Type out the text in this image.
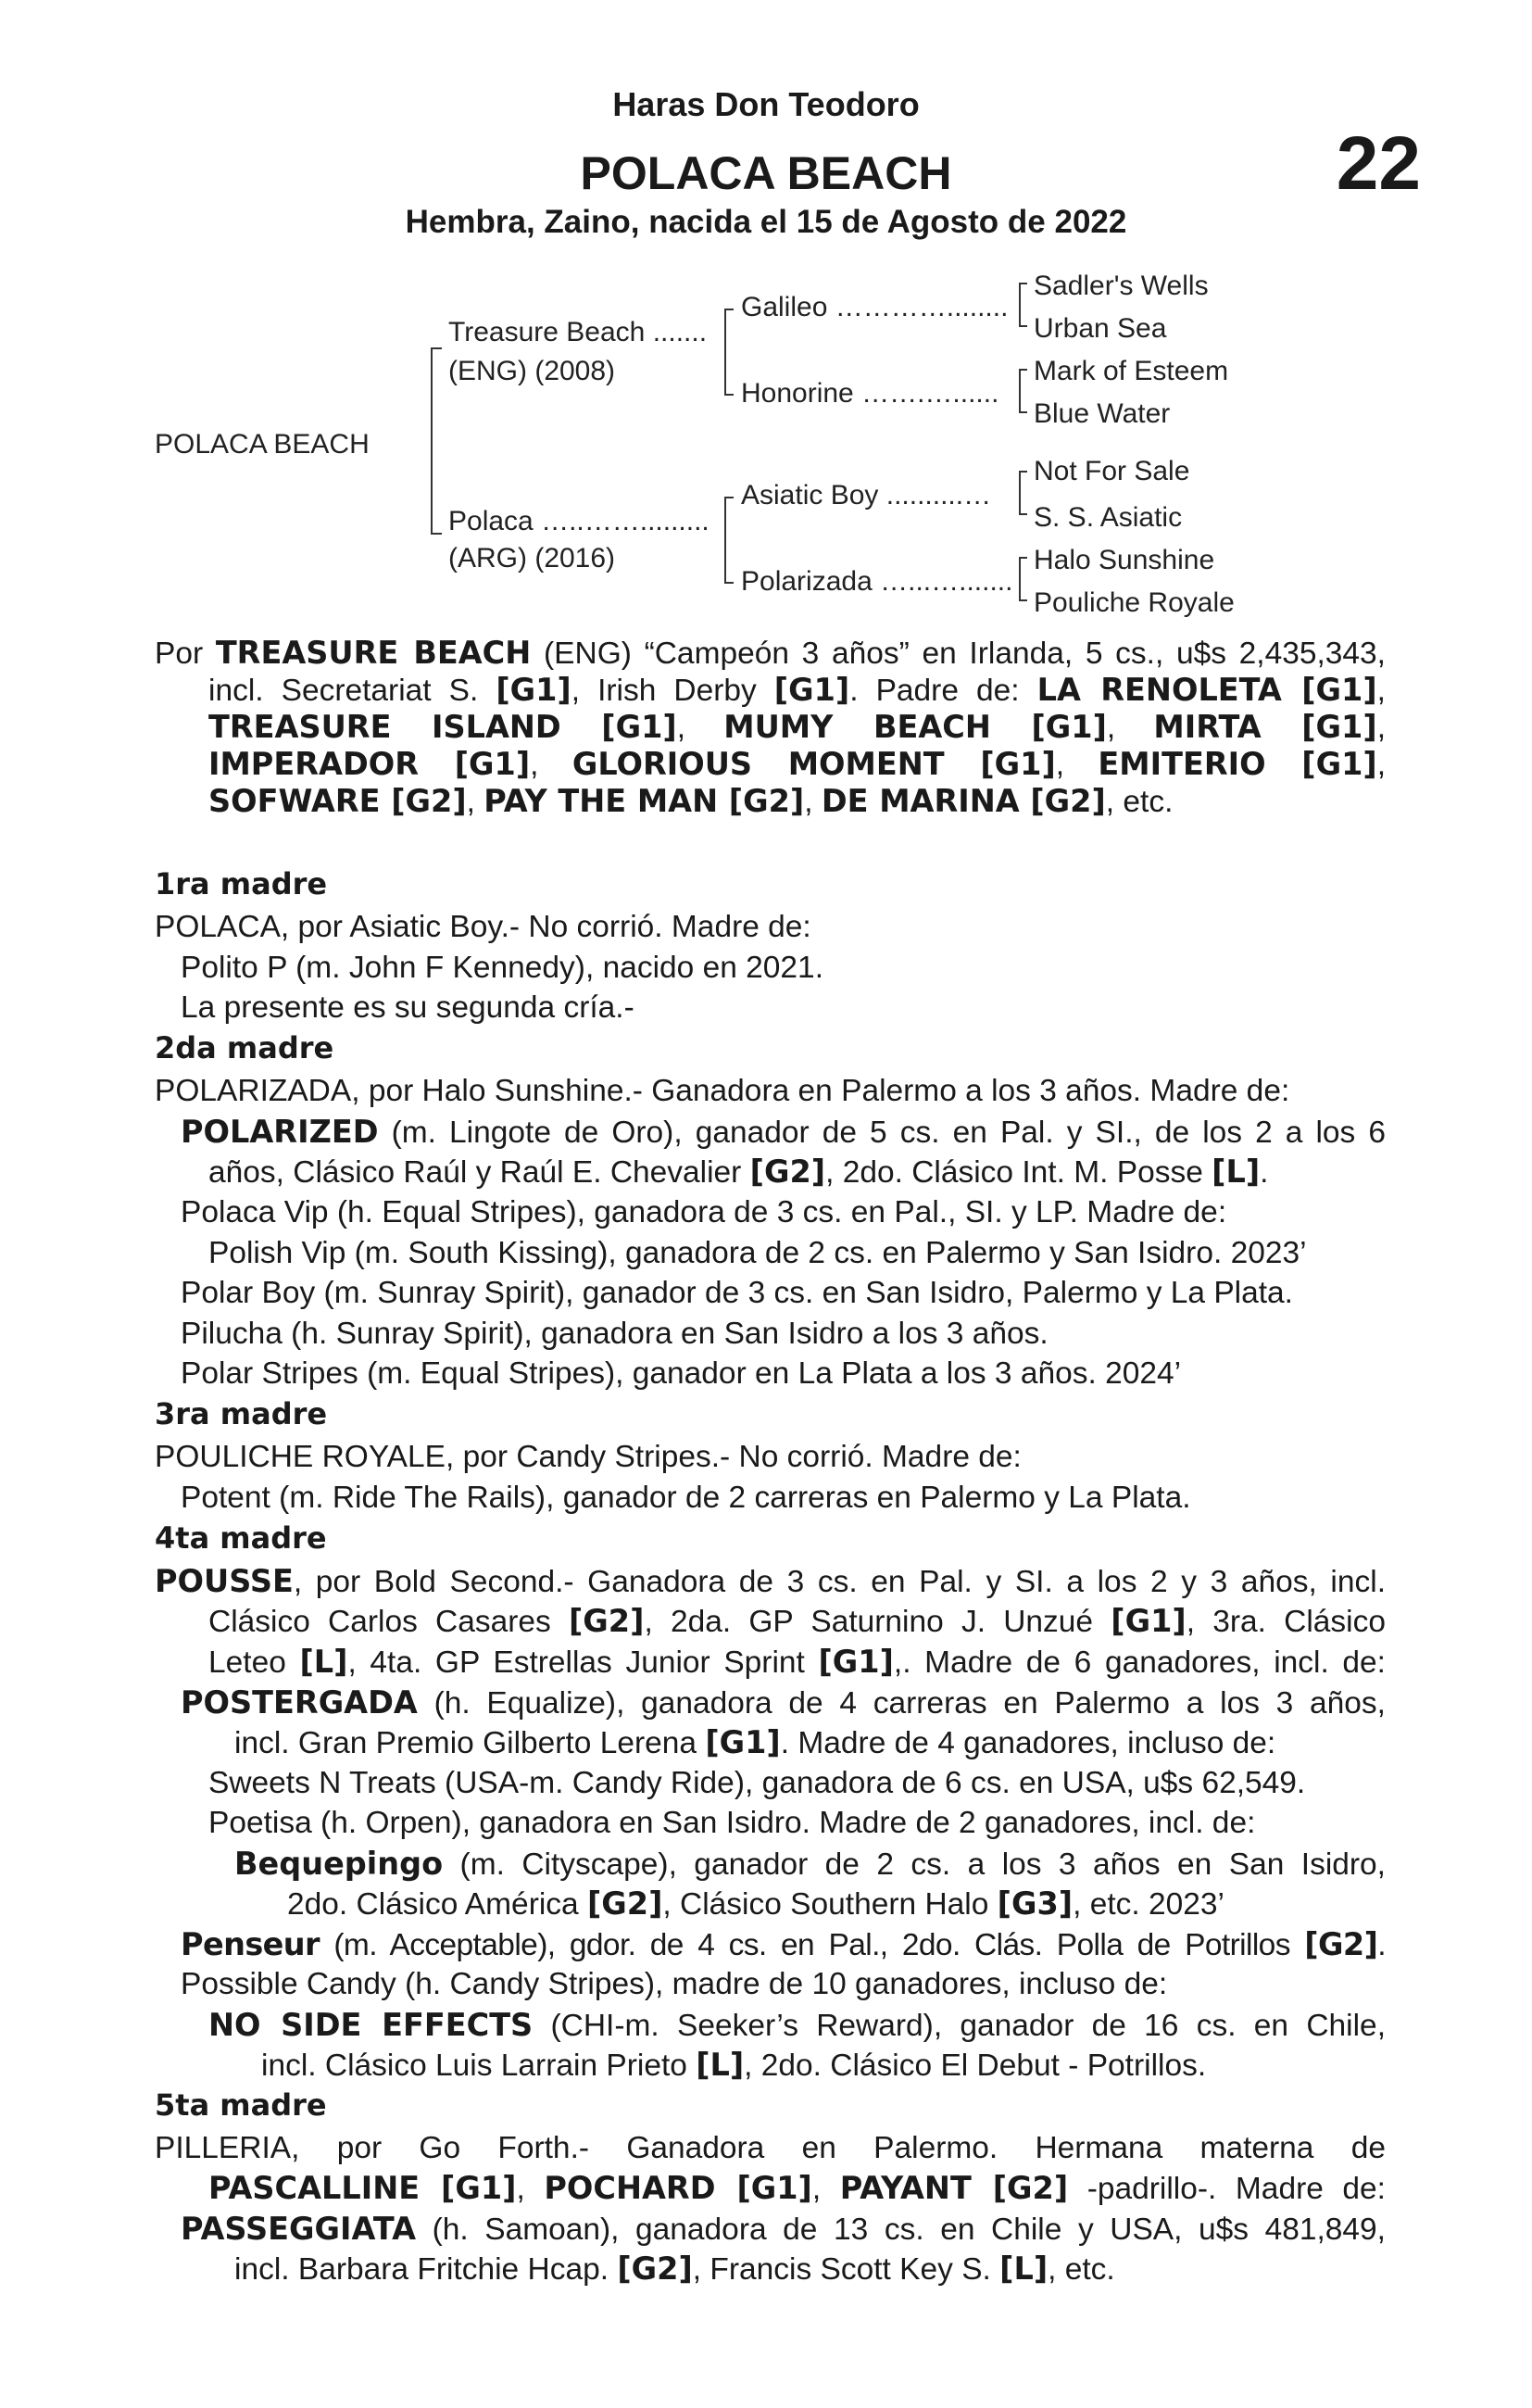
Haras Don Teodoro
POLACA BEACH
Hembra, Zaino, nacida el 15 de Agosto de 2022
22
POLACA BEACH
Treasure Beach .......
(ENG) (2008)
Polaca …..…….........
(ARG) (2016)
Galileo …………........
Honorine …….…......
Asiatic Boy ..........…
Polarizada …...….......
Sadler's Wells
Urban Sea
Mark of Esteem
Blue Water
Not For Sale
S. S. Asiatic
Halo Sunshine
Pouliche Royale
Por TREASURE BEACH (ENG) “Campeón 3 años” en Irlanda, 5 cs., u$s 2,435,343,
incl. Secretariat S. [G1], Irish Derby [G1]. Padre de: LA RENOLETA [G1],
TREASURE ISLAND [G1], MUMY BEACH [G1], MIRTA [G1],
IMPERADOR [G1], GLORIOUS MOMENT [G1], EMITERIO [G1],
SOFWARE [G2], PAY THE MAN [G2], DE MARINA [G2], etc.
1ra madre
POLACA, por Asiatic Boy.- No corrió. Madre de:
Polito P (m. John F Kennedy), nacido en 2021.
La presente es su segunda cría.-
2da madre
POLARIZADA, por Halo Sunshine.- Ganadora en Palermo a los 3 años. Madre de:
POLARIZED (m. Lingote de Oro), ganador de 5 cs. en Pal. y SI., de los 2 a los 6
años, Clásico Raúl y Raúl E. Chevalier [G2], 2do. Clásico Int. M. Posse [L].
Polaca Vip (h. Equal Stripes), ganadora de 3 cs. en Pal., SI. y LP. Madre de:
Polish Vip (m. South Kissing), ganadora de 2 cs. en Palermo y San Isidro. 2023’
Polar Boy (m. Sunray Spirit), ganador de 3 cs. en San Isidro, Palermo y La Plata.
Pilucha (h. Sunray Spirit), ganadora en San Isidro a los 3 años.
Polar Stripes (m. Equal Stripes), ganador en La Plata a los 3 años. 2024’
3ra madre
POULICHE ROYALE, por Candy Stripes.- No corrió. Madre de:
Potent (m. Ride The Rails), ganador de 2 carreras en Palermo y La Plata.
4ta madre
POUSSE, por Bold Second.- Ganadora de 3 cs. en Pal. y SI. a los 2 y 3 años, incl.
Clásico Carlos Casares [G2], 2da. GP Saturnino J. Unzué [G1], 3ra. Clásico
Leteo [L], 4ta. GP Estrellas Junior Sprint [G1],. Madre de 6 ganadores, incl. de:
POSTERGADA (h. Equalize), ganadora de 4 carreras en Palermo a los 3 años,
incl. Gran Premio Gilberto Lerena [G1]. Madre de 4 ganadores, incluso de:
Sweets N Treats (USA-m. Candy Ride), ganadora de 6 cs. en USA, u$s 62,549.
Poetisa (h. Orpen), ganadora en San Isidro. Madre de 2 ganadores, incl. de:
Bequepingo (m. Cityscape), ganador de 2 cs. a los 3 años en San Isidro,
2do. Clásico América [G2], Clásico Southern Halo [G3], etc. 2023’
Penseur (m. Acceptable), gdor. de 4 cs. en Pal., 2do. Clás. Polla de Potrillos [G2].
Possible Candy (h. Candy Stripes), madre de 10 ganadores, incluso de:
NO SIDE EFFECTS (CHI-m. Seeker’s Reward), ganador de 16 cs. en Chile,
incl. Clásico Luis Larrain Prieto [L], 2do. Clásico El Debut - Potrillos.
5ta madre
PILLERIA, por Go Forth.- Ganadora en Palermo. Hermana materna de
PASCALLINE [G1], POCHARD [G1], PAYANT [G2] -padrillo-. Madre de:
PASSEGGIATA (h. Samoan), ganadora de 13 cs. en Chile y USA, u$s 481,849,
incl. Barbara Fritchie Hcap. [G2], Francis Scott Key S. [L], etc.
